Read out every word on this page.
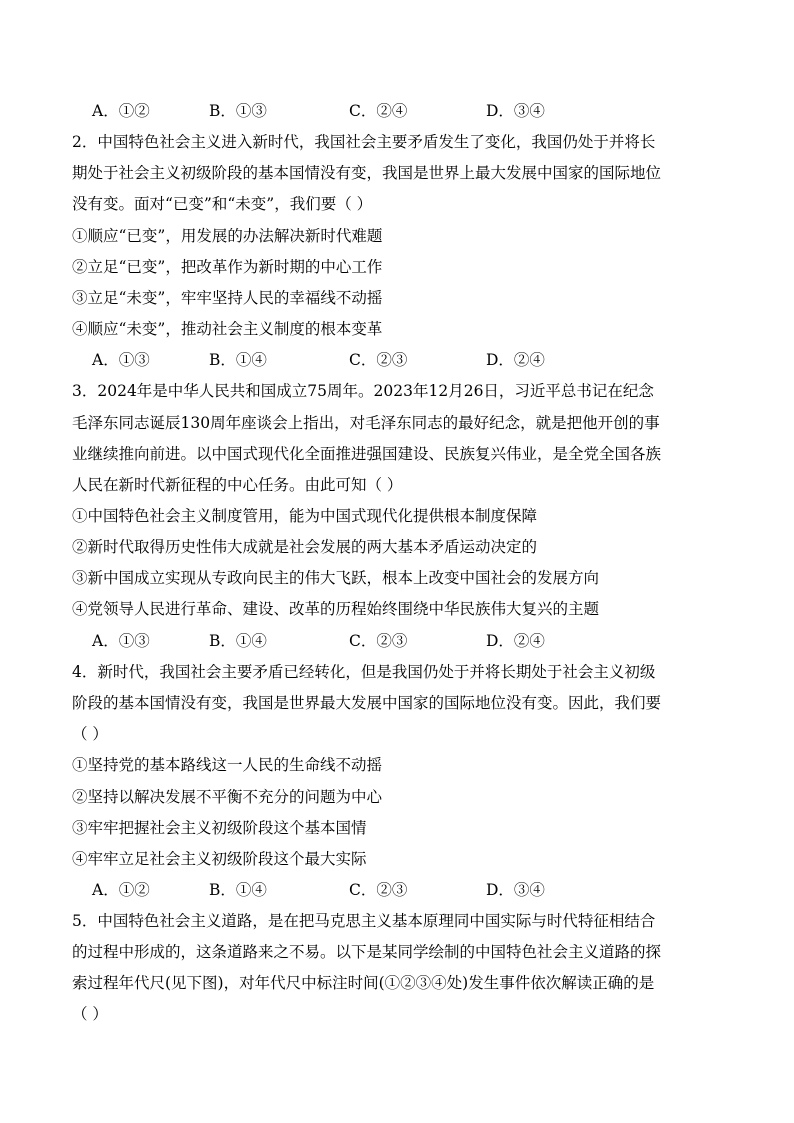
A．①②	B．①③	C．②④	D．③④
2．中国特色社会主义进入新时代，我国社会主要矛盾发生了变化，我国仍处于并将长
期处于社会主义初级阶段的基本国情没有变，我国是世界上最大发展中国家的国际地位
没有变。面对“已变”和“未变”，我们要（ ）
①顺应“已变”，用发展的办法解决新时代难题
②立足“已变”，把改革作为新时期的中心工作
③立足“未变”，牢牢坚持人民的幸福线不动摇
④顺应“未变”，推动社会主义制度的根本变革
A．①③	B．①④	C．②③	D．②④
3．2024年是中华人民共和国成立75周年。2023年12月26日，习近平总书记在纪念
毛泽东同志诞辰130周年座谈会上指出，对毛泽东同志的最好纪念，就是把他开创的事
业继续推向前进。以中国式现代化全面推进强国建设、民族复兴伟业，是全党全国各族
人民在新时代新征程的中心任务。由此可知（ ）
①中国特色社会主义制度管用，能为中国式现代化提供根本制度保障
②新时代取得历史性伟大成就是社会发展的两大基本矛盾运动决定的
③新中国成立实现从专政向民主的伟大飞跃，根本上改变中国社会的发展方向
④党领导人民进行革命、建设、改革的历程始终围绕中华民族伟大复兴的主题
A．①③	B．①④	C．②③	D．②④
4．新时代，我国社会主要矛盾已经转化，但是我国仍处于并将长期处于社会主义初级
阶段的基本国情没有变，我国是世界最大发展中国家的国际地位没有变。因此，我们要
（ ）
①坚持党的基本路线这一人民的生命线不动摇
②坚持以解决发展不平衡不充分的问题为中心
③牢牢把握社会主义初级阶段这个基本国情
④牢牢立足社会主义初级阶段这个最大实际
A．①②	B．①④	C．②③	D．③④
5．中国特色社会主义道路，是在把马克思主义基本原理同中国实际与时代特征相结合
的过程中形成的，这条道路来之不易。以下是某同学绘制的中国特色社会主义道路的探
索过程年代尺(见下图)，对年代尺中标注时间(①②③④处)发生事件依次解读正确的是
（ ）
